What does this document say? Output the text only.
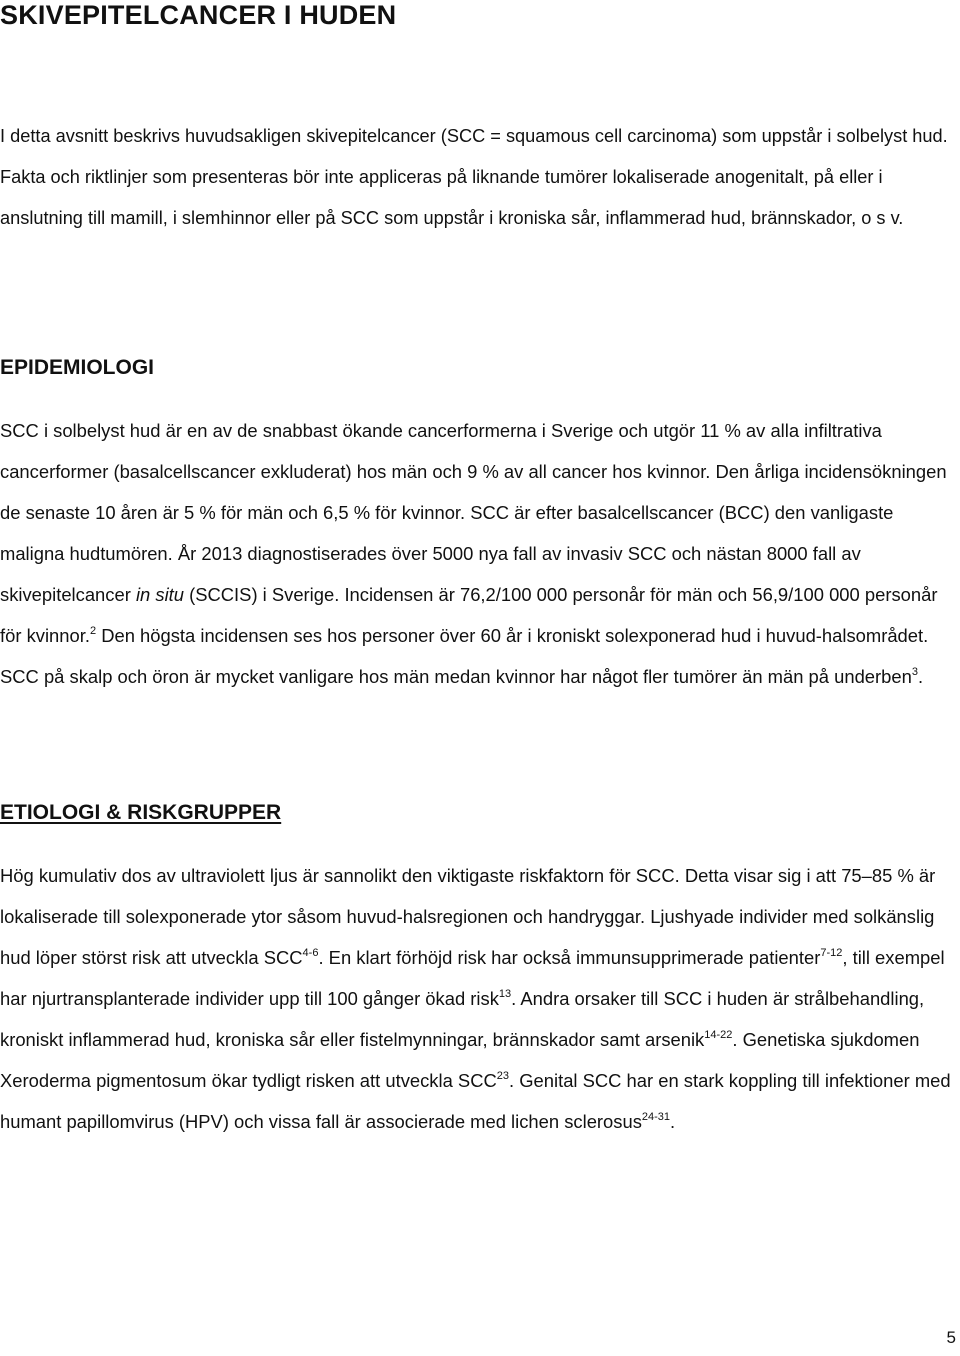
SKIVEPITELCANCER I HUDEN

I detta avsnitt beskrivs huvudsakligen skivepitelcancer (SCC = squamous cell carcinoma) som uppstår i solbelyst hud. Fakta och riktlinjer som presenteras bör inte appliceras på liknande tumörer lokaliserade anogenitalt, på eller i anslutning till mamill, i slemhinnor eller på SCC som uppstår i kroniska sår, inflammerad hud, brännskador, o s v.

EPIDEMIOLOGI

SCC i solbelyst hud är en av de snabbast ökande cancerformerna i Sverige och utgör 11 % av alla infiltrativa cancerformer (basalcellscancer exkluderat) hos män och 9 % av all cancer hos kvinnor. Den årliga incidensökningen de senaste 10 åren är 5 % för män och 6,5 % för kvinnor. SCC är efter basalcellscancer (BCC) den vanligaste maligna hudtumören. År 2013 diagnostiserades över 5000 nya fall av invasiv SCC och nästan 8000 fall av skivepitelcancer in situ (SCCIS) i Sverige. Incidensen är 76,2/100 000 personår för män och 56,9/100 000 personår för kvinnor.$^2$ Den högsta incidensen ses hos personer över 60 år i kroniskt solexponerad hud i huvud-halsområdet. SCC på skalp och öron är mycket vanligare hos män medan kvinnor har något fler tumörer än män på underben$^3$.

ETIOLOGI & RISKGRUPPER

Hög kumulativ dos av ultraviolett ljus är sannolikt den viktigaste riskfaktorn för SCC. Detta visar sig i att 75–85 % är lokaliserade till solexponerade ytor såsom huvud-halsregionen och handryggar. Ljushyade individer med solkänslig hud löper störst risk att utveckla SCC$^{4-6}$. En klart förhöjd risk har också immunsupprimerade patienter$^{7-12}$, till exempel har njurtransplanterade individer upp till 100 gånger ökad risk$^{13}$. Andra orsaker till SCC i huden är strålbehandling, kroniskt inflammerad hud, kroniska sår eller fistelmynningar, brännskador samt arsenik$^{14-22}$. Genetiska sjukdomen Xeroderma pigmentosum ökar tydligt risken att utveckla SCC$^{23}$. Genital SCC har en stark koppling till infektioner med humant papillomvirus (HPV) och vissa fall är associerade med lichen sclerosus$^{24-31}$.

5
